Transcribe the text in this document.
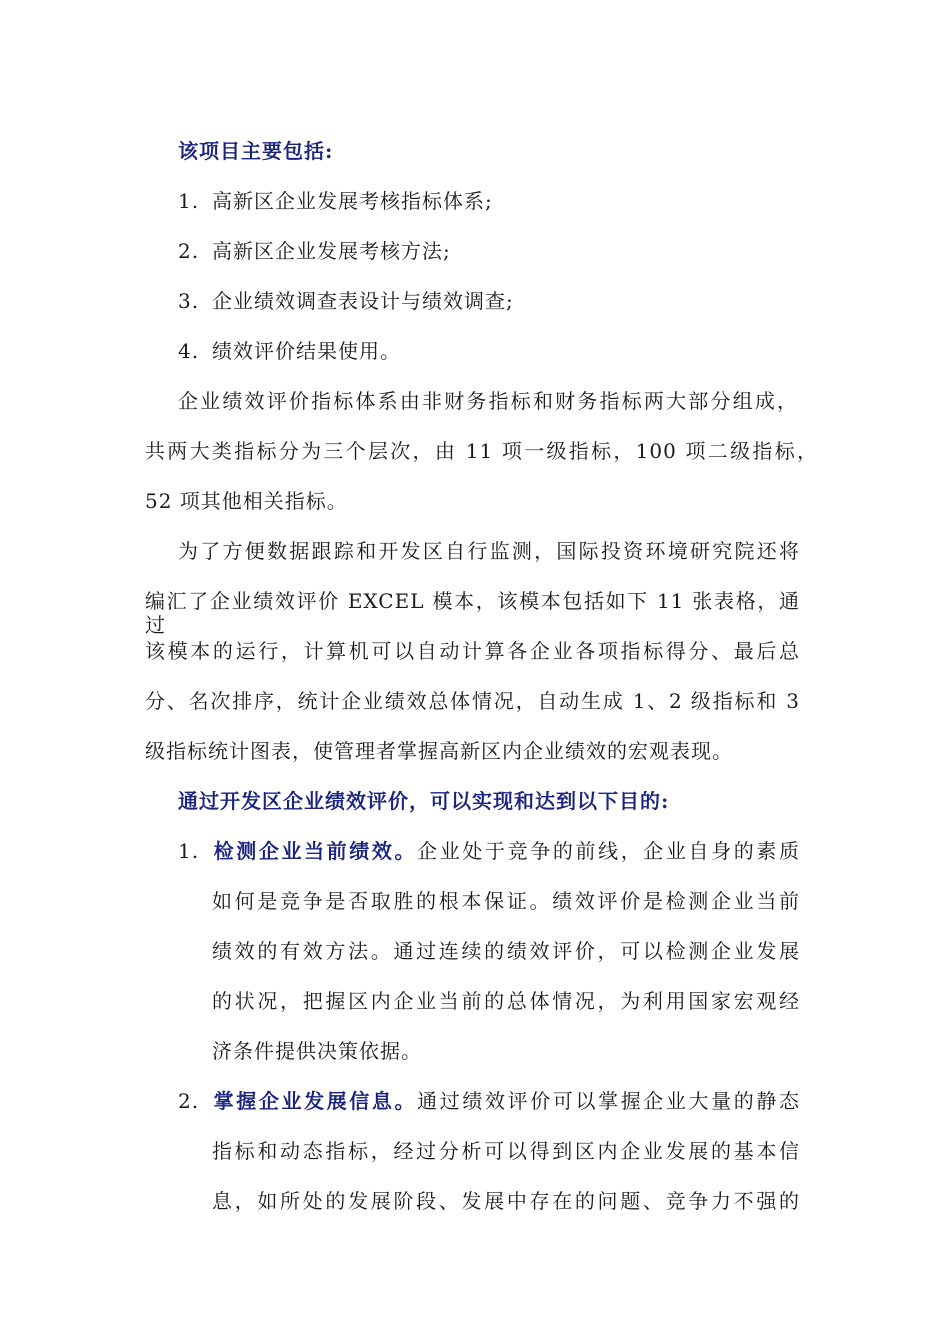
该项目主要包括:
1. 高新区企业发展考核指标体系;
2. 高新区企业发展考核方法;
3. 企业绩效调查表设计与绩效调查;
4. 绩效评价结果使用。
企业绩效评价指标体系由非财务指标和财务指标两大部分组成，
共两大类指标分为三个层次，由 11 项一级指标，100 项二级指标，
52 项其他相关指标。
为了方便数据跟踪和开发区自行监测，国际投资环境研究院还将
编汇了企业绩效评价 EXCEL 模本，该模本包括如下 11 张表格，通过
该模本的运行，计算机可以自动计算各企业各项指标得分、最后总
分、名次排序，统计企业绩效总体情况，自动生成 1、2 级指标和 3
级指标统计图表，使管理者掌握高新区内企业绩效的宏观表现。
通过开发区企业绩效评价，可以实现和达到以下目的:
1. 检测企业当前绩效。企业处于竞争的前线，企业自身的素质
如何是竞争是否取胜的根本保证。绩效评价是检测企业当前
绩效的有效方法。通过连续的绩效评价，可以检测企业发展
的状况，把握区内企业当前的总体情况，为利用国家宏观经
济条件提供决策依据。
2. 掌握企业发展信息。通过绩效评价可以掌握企业大量的静态
指标和动态指标，经过分析可以得到区内企业发展的基本信
息，如所处的发展阶段、发展中存在的问题、竞争力不强的
